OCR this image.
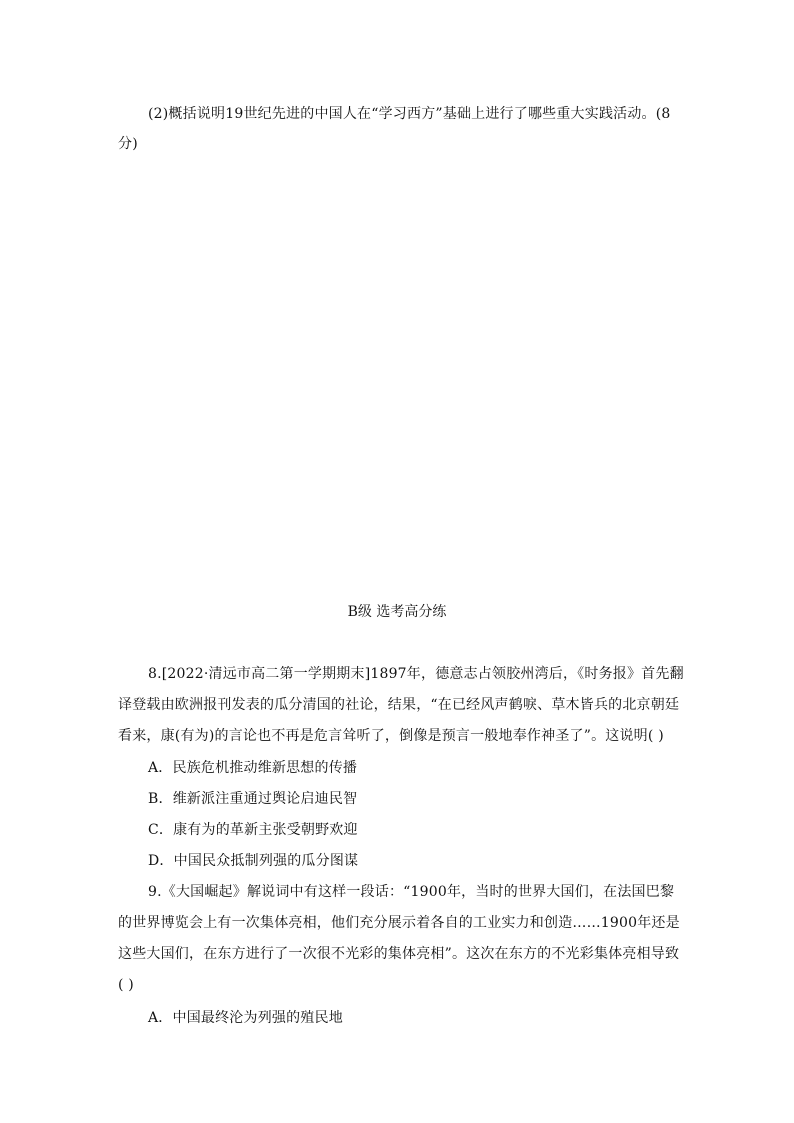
(2)概括说明19世纪先进的中国人在“学习西方”基础上进行了哪些重大实践活动。(8
分)
B级 选考高分练
8.[2022·清远市高二第一学期期末]1897年，德意志占领胶州湾后，《时务报》首先翻
译登载由欧洲报刊发表的瓜分清国的社论，结果，“在已经风声鹤唳、草木皆兵的北京朝廷
看来，康(有为)的言论也不再是危言耸听了，倒像是预言一般地奉作神圣了”。这说明( )
A．民族危机推动维新思想的传播
B．维新派注重通过舆论启迪民智
C．康有为的革新主张受朝野欢迎
D．中国民众抵制列强的瓜分图谋
9.《大国崛起》解说词中有这样一段话：“1900年，当时的世界大国们，在法国巴黎
的世界博览会上有一次集体亮相，他们充分展示着各自的工业实力和创造……1900年还是
这些大国们，在东方进行了一次很不光彩的集体亮相”。这次在东方的不光彩集体亮相导致
( )
A．中国最终沦为列强的殖民地
